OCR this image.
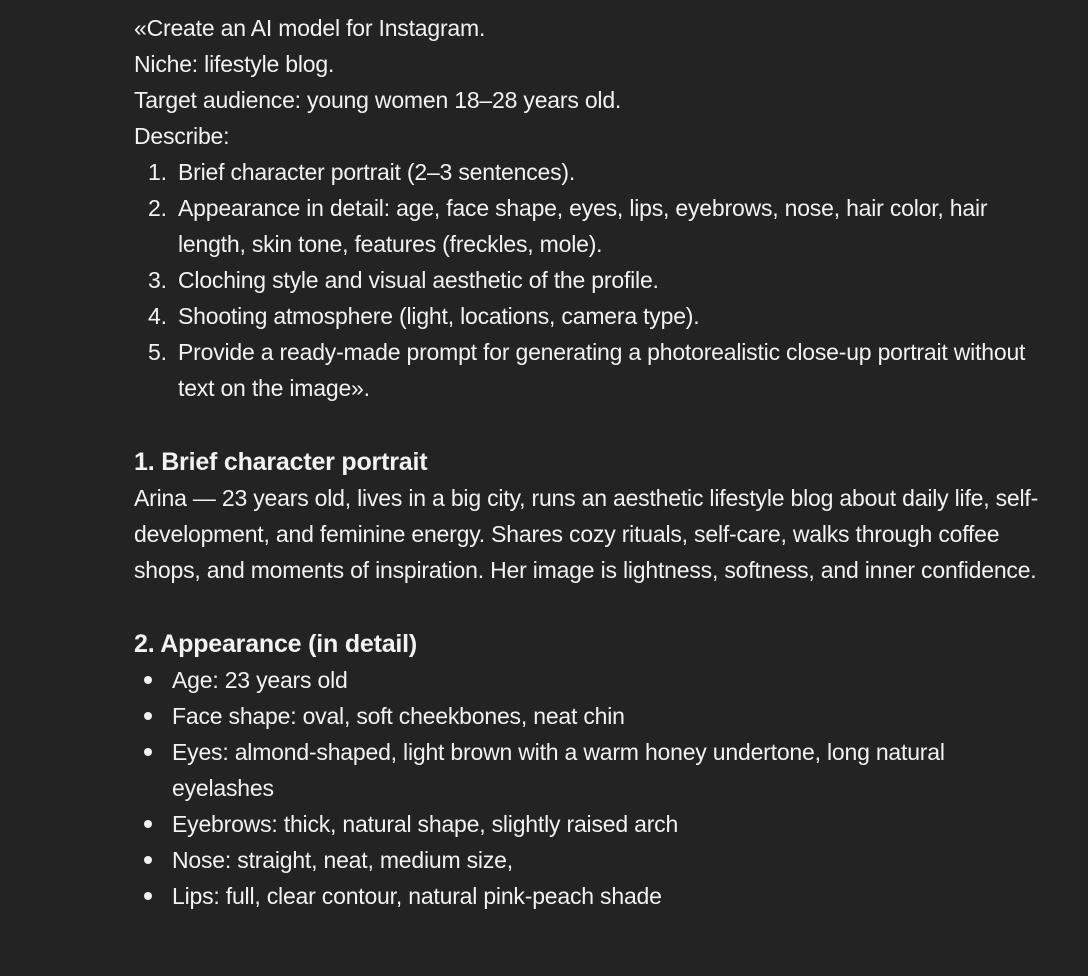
«Create an AI model for Instagram.

Niche: lifestyle blog.

Target audience: young women 18–28 years old.

Describe:

1. Brief character portrait (2–3 sentences).
2. Appearance in detail: age, face shape, eyes, lips, eyebrows, nose, hair color, hair length, skin tone, features (freckles, mole).
3. Cloching style and visual aesthetic of the profile.
4. Shooting atmosphere (light, locations, camera type).
5. Provide a ready-made prompt for generating a photorealistic close-up portrait without text on the image».
1. Brief character portrait

Arina — 23 years old, lives in a big city, runs an aesthetic lifestyle blog about daily life, self-development, and feminine energy. Shares cozy rituals, self-care, walks through coffee shops, and moments of inspiration. Her image is lightness, softness, and inner confidence.

2. Appearance (in detail)
Age: 23 years old
Face shape: oval, soft cheekbones, neat chin
Eyes: almond-shaped, light brown with a warm honey undertone, long natural eyelashes
Eyebrows: thick, natural shape, slightly raised arch
Nose: straight, neat, medium size,
Lips: full, clear contour, natural pink-peach shade
